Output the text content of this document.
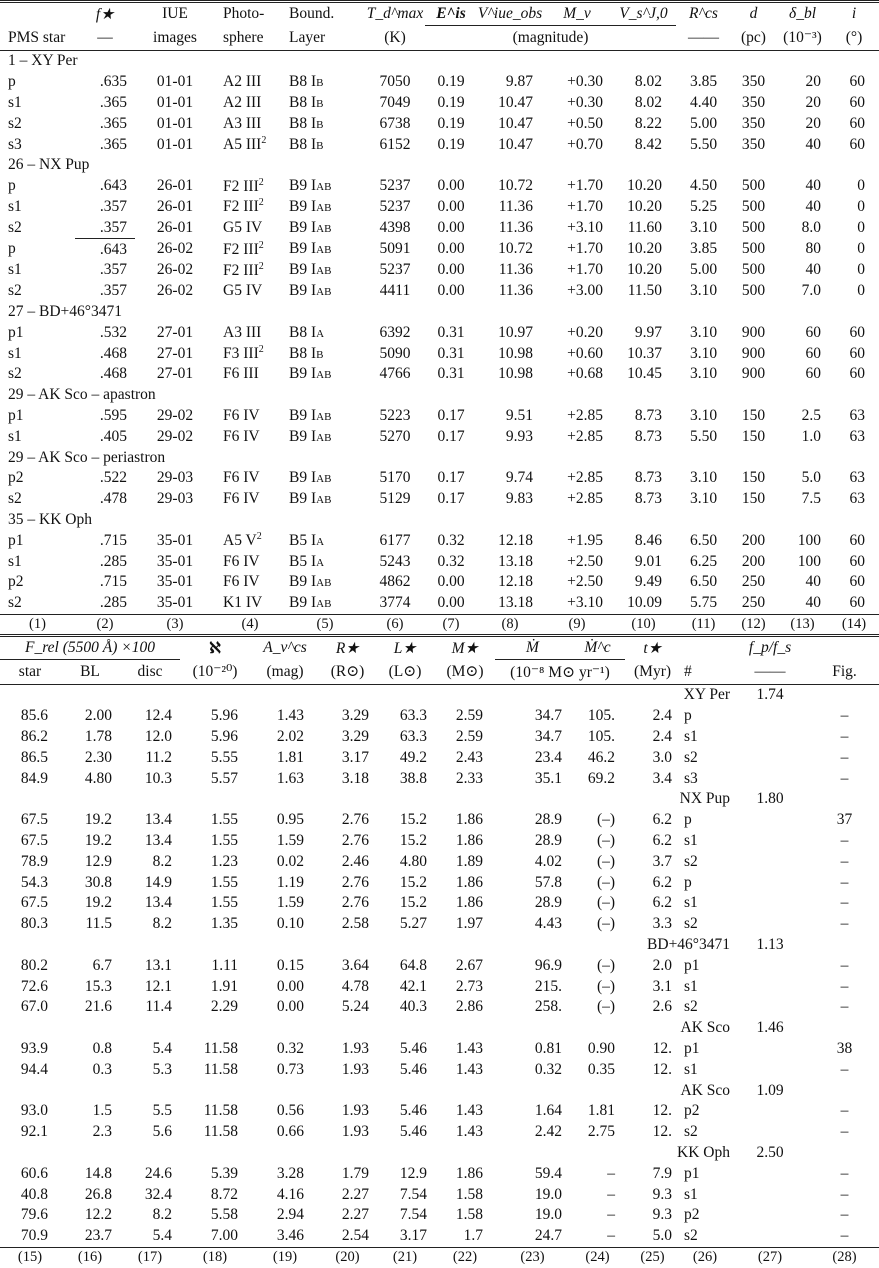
	f★	IUE	Photo-	Bound.	T_d^max	E^is	V^iue_obs	M_v	V_s^J,0	R^cs	d	δ_bl	i
PMS star	—	images	sphere	Layer	(K)	(magnitude)				——	(pc)	(10⁻³)	(°)
1 – XY Per													
p	.635	01-01	A2 III	B8 Ib	7050	0.19	9.87	+0.30	8.02	3.85	350	20	60
s1	.365	01-01	A2 III	B8 Ib	7049	0.19	10.47	+0.30	8.02	4.40	350	20	60
s2	.365	01-01	A3 III	B8 Ib	6738	0.19	10.47	+0.50	8.22	5.00	350	20	60
s3	.365	01-01	A5 III$^2$	B8 Ib	6152	0.19	10.47	+0.70	8.42	5.50	350	40	60
26 – NX Pup													
p	.643	26-01	F2 III$^2$	B9 Iab	5237	0.00	10.72	+1.70	10.20	4.50	500	40	0
s1	.357	26-01	F2 III$^2$	B9 Iab	5237	0.00	11.36	+1.70	10.20	5.25	500	40	0
s2	.357	26-01	G5 IV	B9 Iab	4398	0.00	11.36	+3.10	11.60	3.10	500	8.0	0
p	.643	26-02	F2 III$^2$	B9 Iab	5091	0.00	10.72	+1.70	10.20	3.85	500	80	0
s1	.357	26-02	F2 III$^2$	B9 Iab	5237	0.00	11.36	+1.70	10.20	5.00	500	40	0
s2	.357	26-02	G5 IV	B9 Iab	4411	0.00	11.36	+3.00	11.50	3.10	500	7.0	0
27 – BD+46°3471													
p1	.532	27-01	A3 III	B8 Ia	6392	0.31	10.97	+0.20	9.97	3.10	900	60	60
s1	.468	27-01	F3 III$^2$	B8 Ib	5090	0.31	10.98	+0.60	10.37	3.10	900	60	60
s2	.468	27-01	F6 III	B9 Iab	4766	0.31	10.98	+0.68	10.45	3.10	900	60	60
29 – AK Sco – apastron													
p1	.595	29-02	F6 IV	B9 Iab	5223	0.17	9.51	+2.85	8.73	3.10	150	2.5	63
s1	.405	29-02	F6 IV	B9 Iab	5270	0.17	9.93	+2.85	8.73	5.50	150	1.0	63
29 – AK Sco – periastron													
p2	.522	29-03	F6 IV	B9 Iab	5170	0.17	9.74	+2.85	8.73	3.10	150	5.0	63
s2	.478	29-03	F6 IV	B9 Iab	5129	0.17	9.83	+2.85	8.73	3.10	150	7.5	63
35 – KK Oph													
p1	.715	35-01	A5 $V^2$	B5 Ia	6177	0.32	12.18	+1.95	8.46	6.50	200	100	60
s1	.285	35-01	F6 IV	B5 Ia	5243	0.32	13.18	+2.50	9.01	6.25	200	100	60
p2	.715	35-01	F6 IV	B9 Iab	4862	0.00	12.18	+2.50	9.49	6.50	250	40	60
s2	.285	35-01	K1 IV	B9 Iab	3774	0.00	13.18	+3.10	10.09	5.75	250	40	60
(1)	(2)	(3)	(4)	(5)	(6)	(7)	(8)	(9)	(10)	(11)	(12)	(13)	(14)
F_rel (5500 Å) ×100			ℵ	A_v^cs	R★	L★	M★	Ṁ	Ṁ^c	t★		f_p/f_s	
star	BL	disc	(10⁻²⁰)	(mag)	(R⊙)	(L⊙)	(M⊙)	(10⁻⁸ M⊙ yr⁻¹)		(Myr)	#	——	Fig.
									XY Per			1.74	
85.6	2.00	12.4	5.96	1.43	3.29	63.3	2.59	34.7	105.	2.4	p		–
86.2	1.78	12.0	5.96	2.02	3.29	63.3	2.59	34.7	105.	2.4	s1		–
86.5	2.30	11.2	5.55	1.81	3.17	49.2	2.43	23.4	46.2	3.0	s2		–
84.9	4.80	10.3	5.57	1.63	3.18	38.8	2.33	35.1	69.2	3.4	s3		–
									NX Pup			1.80	
67.5	19.2	13.4	1.55	0.95	2.76	15.2	1.86	28.9	(–)	6.2	p		37
67.5	19.2	13.4	1.55	1.59	2.76	15.2	1.86	28.9	(–)	6.2	s1		–
78.9	12.9	8.2	1.23	0.02	2.46	4.80	1.89	4.02	(–)	3.7	s2		–
54.3	30.8	14.9	1.55	1.19	2.76	15.2	1.86	57.8	(–)	6.2	p		–
67.5	19.2	13.4	1.55	1.59	2.76	15.2	1.86	28.9	(–)	6.2	s1		–
80.3	11.5	8.2	1.35	0.10	2.58	5.27	1.97	4.43	(–)	3.3	s2		–
									BD+46°3471			1.13	
80.2	6.7	13.1	1.11	0.15	3.64	64.8	2.67	96.9	(–)	2.0	p1		–
72.6	15.3	12.1	1.91	0.00	4.78	42.1	2.73	215.	(–)	3.1	s1		–
67.0	21.6	11.4	2.29	0.00	5.24	40.3	2.86	258.	(–)	2.6	s2		–
									AK Sco			1.46	
93.9	0.8	5.4	11.58	0.32	1.93	5.46	1.43	0.81	0.90	12.	p1		38
94.4	0.3	5.3	11.58	0.73	1.93	5.46	1.43	0.32	0.35	12.	s1		–
									AK Sco			1.09	
93.0	1.5	5.5	11.58	0.56	1.93	5.46	1.43	1.64	1.81	12.	p2		–
92.1	2.3	5.6	11.58	0.66	1.93	5.46	1.43	2.42	2.75	12.	s2		–
									KK Oph			2.50	
60.6	14.8	24.6	5.39	3.28	1.79	12.9	1.86	59.4	–	7.9	p1		–
40.8	26.8	32.4	8.72	4.16	2.27	7.54	1.58	19.0	–	9.3	s1		–
79.6	12.2	8.2	5.58	2.94	2.27	7.54	1.58	19.0	–	9.3	p2		–
70.9	23.7	5.4	7.00	3.46	2.54	3.17	1.7	24.7	–	5.0	s2		–
(15)	(16)	(17)	(18)	(19)	(20)	(21)	(22)	(23)	(24)	(25)	(26)	(27)	(28)
